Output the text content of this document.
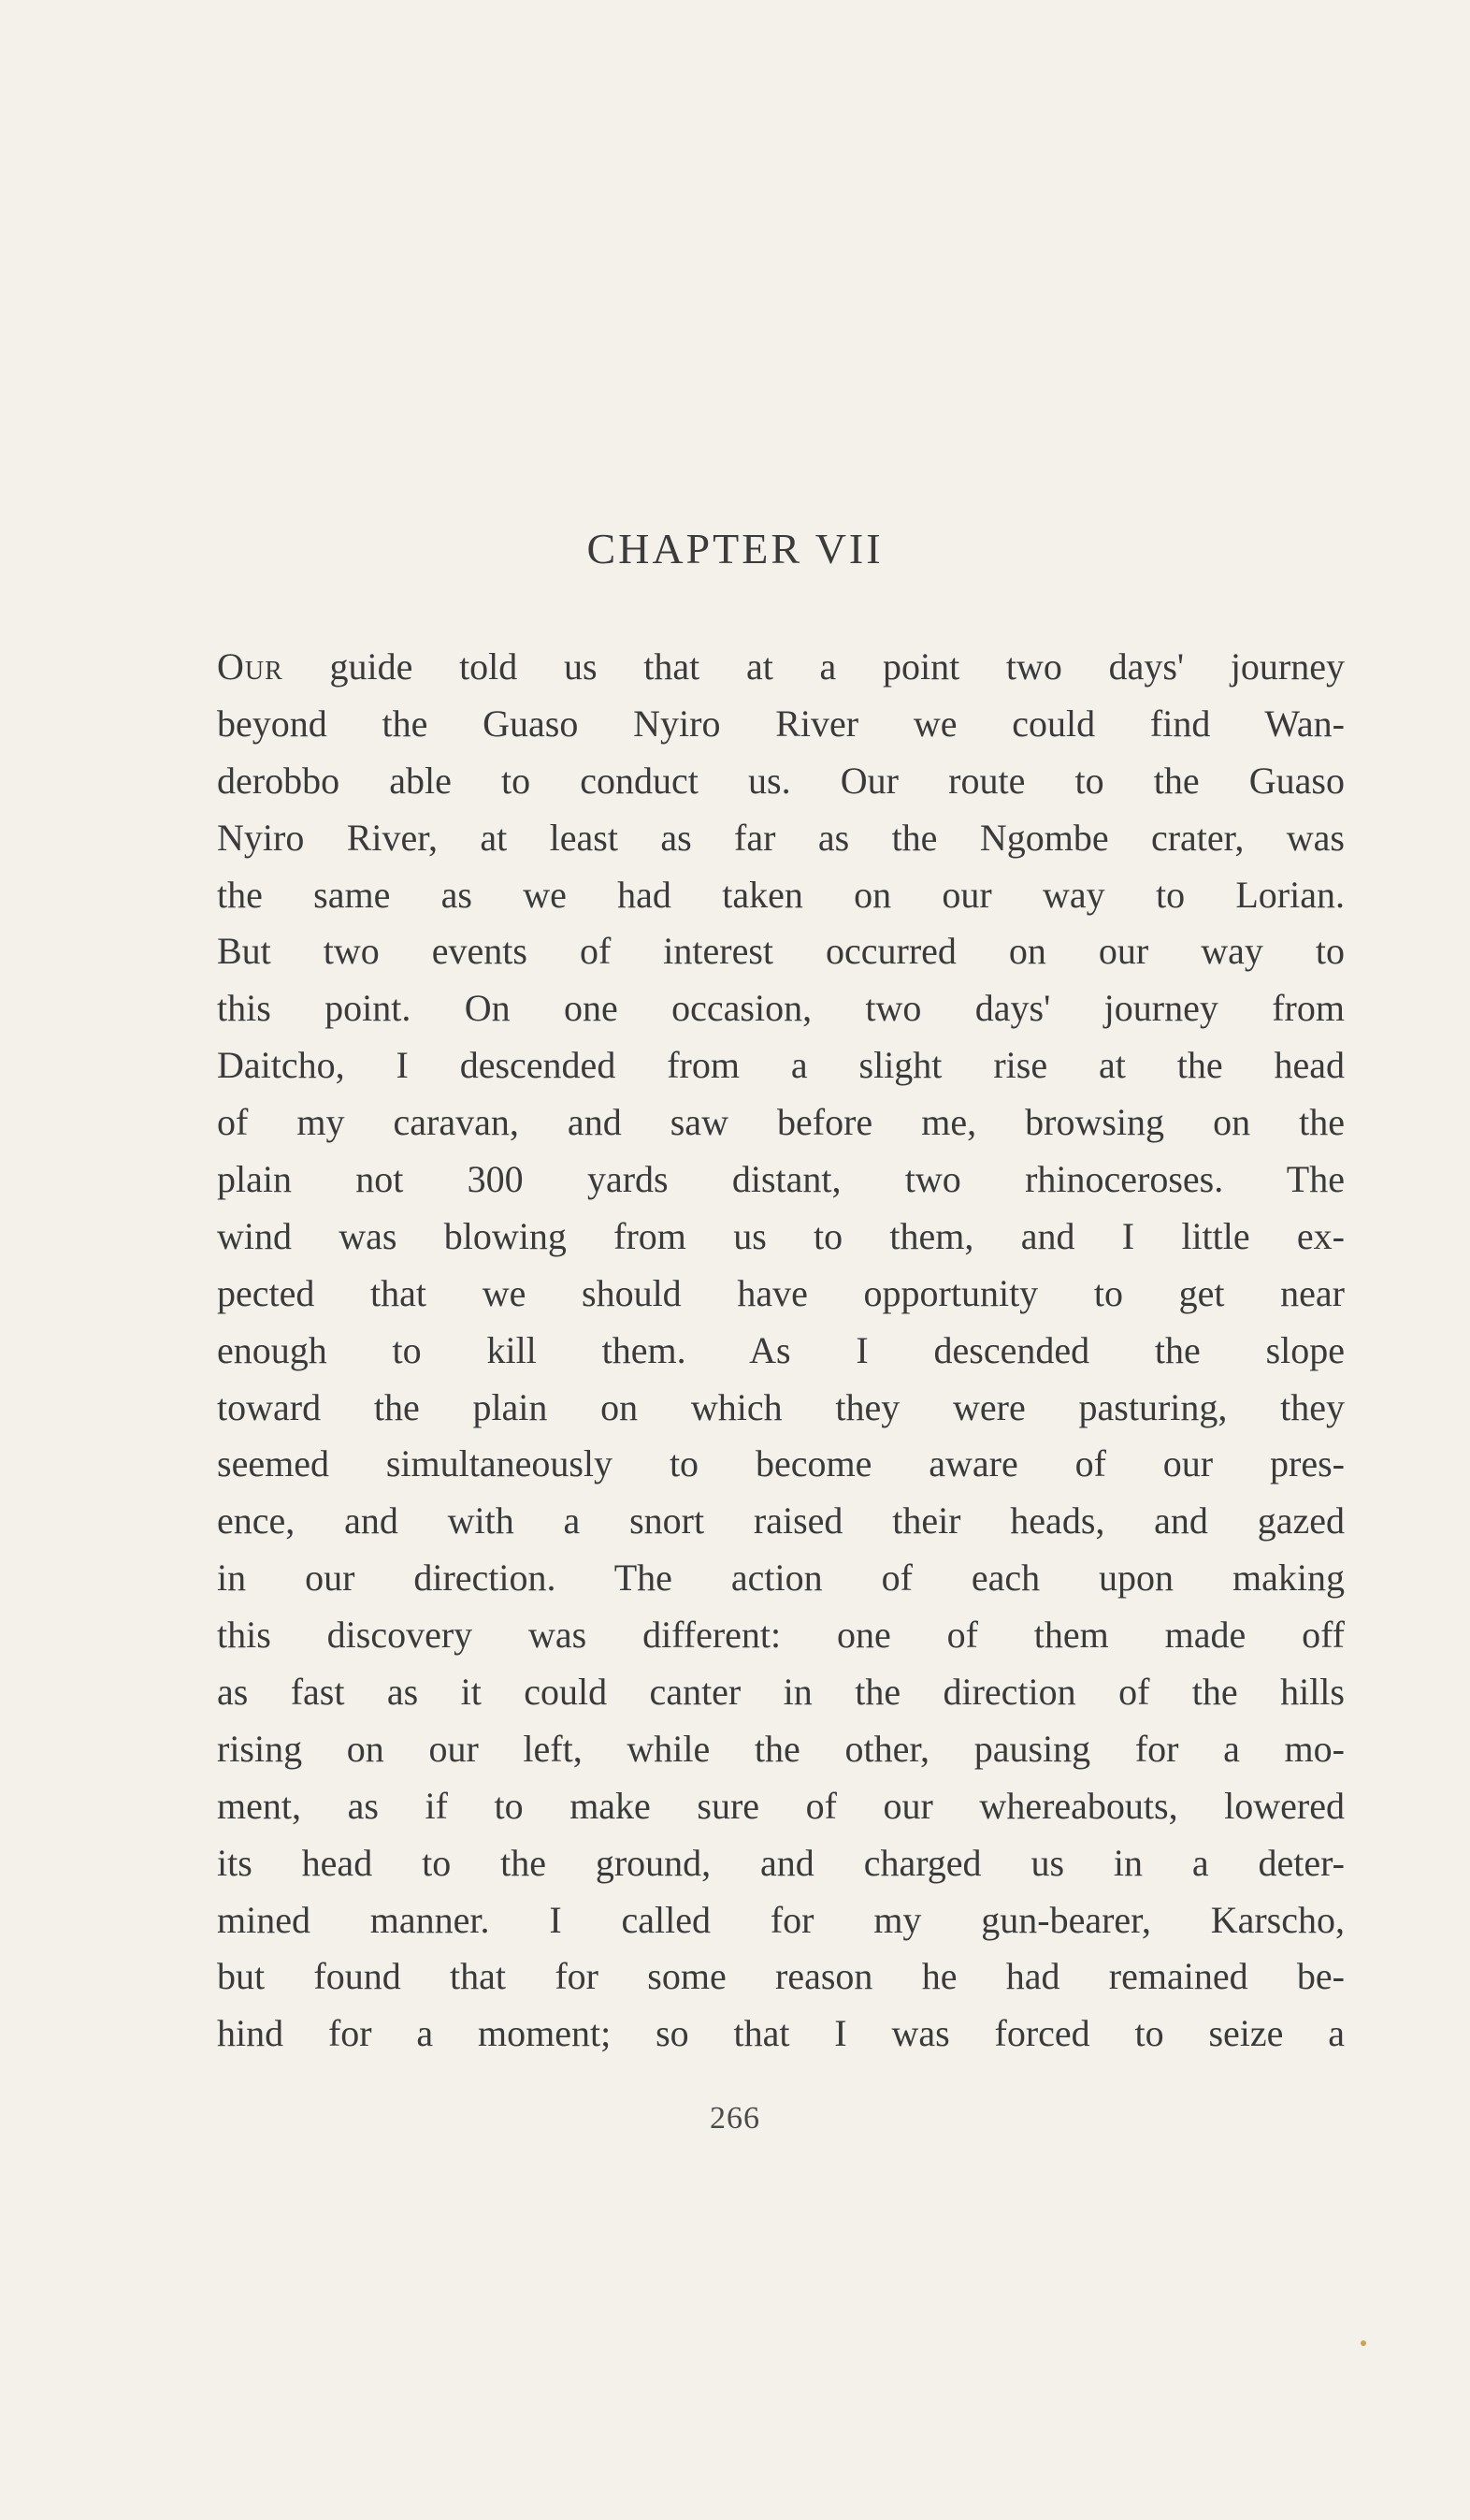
CHAPTER VII
Our guide told us that at a point two days' journey
beyond the Guaso Nyiro River we could find Wan-
derobbo able to conduct us. Our route to the Guaso
Nyiro River, at least as far as the Ngombe crater, was
the same as we had taken on our way to Lorian.
But two events of interest occurred on our way to
this point. On one occasion, two days' journey from
Daitcho, I descended from a slight rise at the head
of my caravan, and saw before me, browsing on the
plain not 300 yards distant, two rhinoceroses. The
wind was blowing from us to them, and I little ex-
pected that we should have opportunity to get near
enough to kill them. As I descended the slope
toward the plain on which they were pasturing, they
seemed simultaneously to become aware of our pres-
ence, and with a snort raised their heads, and gazed
in our direction. The action of each upon making
this discovery was different: one of them made off
as fast as it could canter in the direction of the hills
rising on our left, while the other, pausing for a mo-
ment, as if to make sure of our whereabouts, lowered
its head to the ground, and charged us in a deter-
mined manner. I called for my gun-bearer, Karscho,
but found that for some reason he had remained be-
hind for a moment; so that I was forced to seize a
266
